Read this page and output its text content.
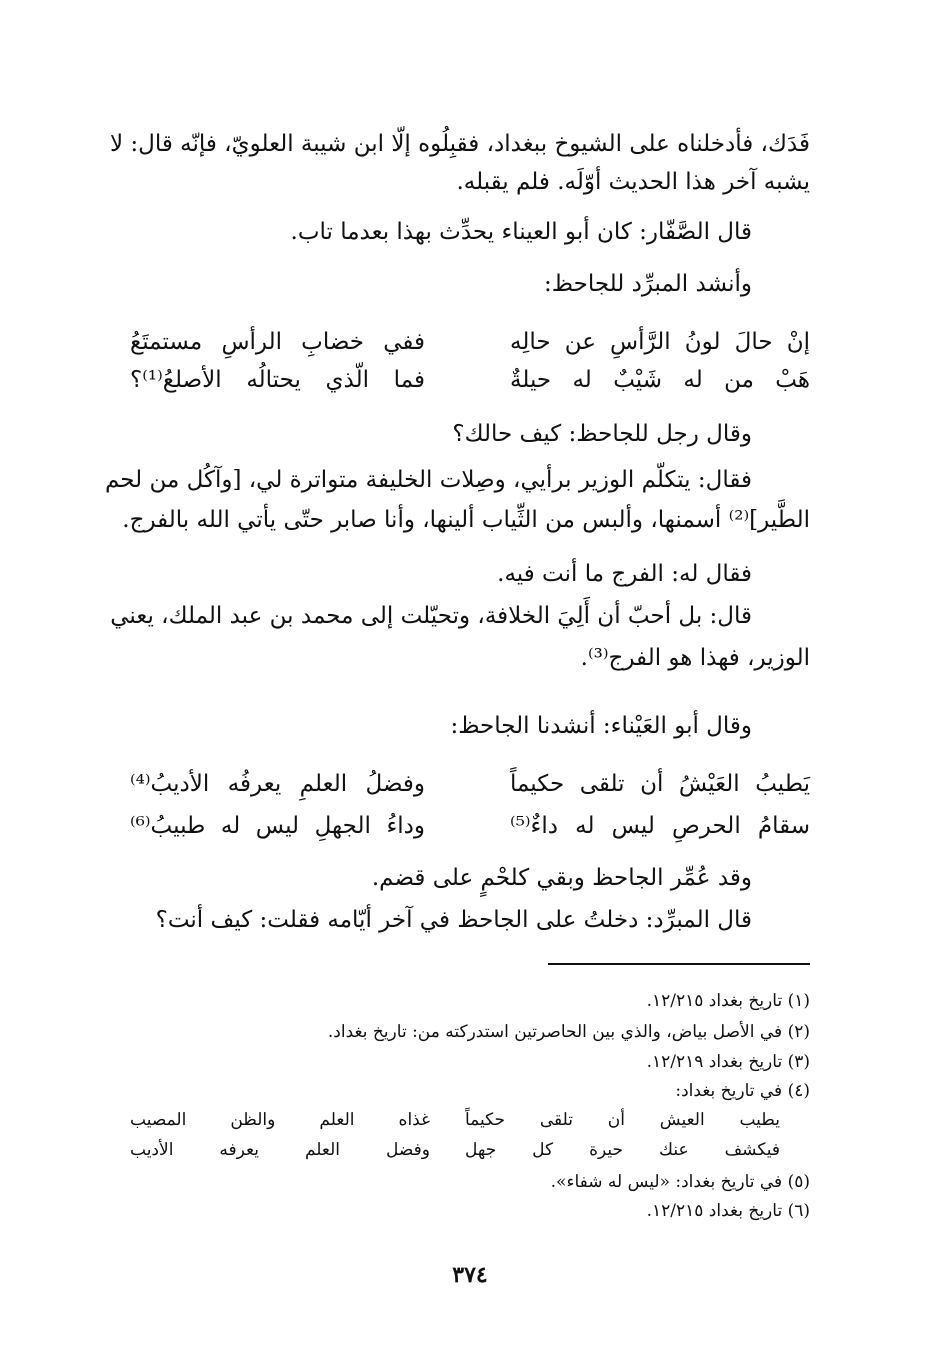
فَدَك، فأدخلناه على الشيوخ ببغداد، فقبِلُوه إلّا ابن شيبة العلويّ، فإنّه قال: لا
يشبه آخر هذا الحديث أوّلَه. فلم يقبله.
قال الصَّفّار: كان أبو العيناء يحدِّث بهذا بعدما تاب.
وأنشد المبرِّد للجاحظ:
إنْ حالَ لونُ الرَّأسِ عن حالِه
ففي خضابِ الرأسِ مستمتَعُ
هَبْ من له شَيْبٌ له حيلةٌ
فما الّذي يحتالُه الأصلعُ⁽¹⁾؟
وقال رجل للجاحظ: كيف حالك؟
فقال: يتكلّم الوزير برأيي، وصِلات الخليفة متواترة لي، [وآكُل من لحم
الطَّير]⁽²⁾ أسمنها، وألبس من الثِّياب ألينها، وأنا صابر حتّى يأتي الله بالفرج.
فقال له: الفرج ما أنت فيه.
قال: بل أحبّ أن أَلِيَ الخلافة، وتحيّلت إلى محمد بن عبد الملك، يعني
الوزير، فهذا هو الفرج⁽³⁾.
وقال أبو العَيْناء: أنشدنا الجاحظ:
يَطيبُ العَيْشُ أن تلقى حكيماً
وفضلُ العلمِ يعرفُه الأديبُ⁽⁴⁾
سقامُ الحرصِ ليس له داءٌ⁽⁵⁾
وداءُ الجهلِ ليس له طبيبُ⁽⁶⁾
وقد عُمِّر الجاحظ وبقي كلحْمٍ على قضم.
قال المبرِّد: دخلتُ على الجاحظ في آخر أيّامه فقلت: كيف أنت؟
(١) تاريخ بغداد ١٢/٢١٥.
(٢) في الأصل بياض، والذي بين الحاصرتين استدركته من: تاريخ بغداد.
(٣) تاريخ بغداد ١٢/٢١٩.
(٤) في تاريخ بغداد:
يطيب العيش أن تلقى حكيماً
غذاه العلم والظن المصيب
فيكشف عنك حيرة كل جهل
وفضل العلم يعرفه الأديب
(٥) في تاريخ بغداد: «ليس له شفاء».
(٦) تاريخ بغداد ١٢/٢١٥.
٣٧٤
